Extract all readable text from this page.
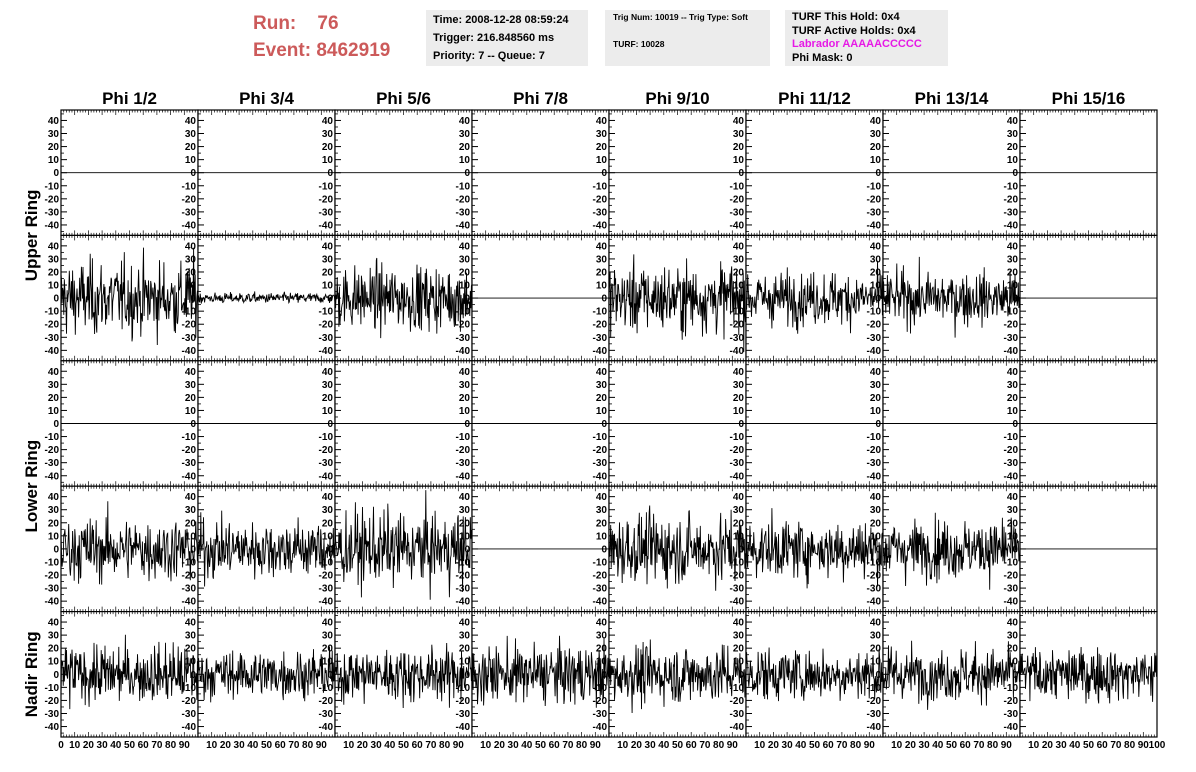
Run: 76
Event: 8462919
Time: 2008-12-28 08:59:24
Trigger: 216.848560 ms
Priority: 7 -- Queue: 7
Trig Num: 10019 -- Trig Type: Soft
TURF: 10028
TURF This Hold: 0x4
TURF Active Holds: 0x4
Labrador AAAAACCCCC
Phi Mask: 0
Phi 1/2	Phi 3/4	Phi 5/6	Phi 7/8	Phi 9/10	Phi 11/12	Phi 13/14	Phi 15/16
Upper Ring
Lower Ring
Nadir Ring
-40
-30
-20
-10
0
10
20
30
40
-40
-30
-20
-10
0
10
20
30
40
-40
-30
-20
-10
0
10
20
30
40
-40
-30
-20
-10
0
10
20
30
40
-40
-30
-20
-10
0
10
20
30
40
-40
-30
-20
-10
0
10
20
30
40
-40
-30
-20
-10
0
10
20
30
40
-40
-30
-20
-10
0
10
20
30
40
-40
-30
-20
-10
0
10
20
30
40
-40
-30
-20
-10
0
10
20
30
40
-40
-30
-20
-10
0
10
20
30
40
-40
-30
-20
-10
0
10
20
30
40
-40
-30
-20
-10
0
10
20
30
40
-40
-30
-20
-10
0
10
20
30
40
-40
-30
-20
-10
0
10
20
30
40
-40
-30
-20
-10
0
10
20
30
40
-40
-30
-20
-10
0
10
20
30
40
-40
-30
-20
-10
0
10
20
30
40
-40
-30
-20
-10
0
10
20
30
40
-40
-30
-20
-10
0
10
20
30
40
-40
-30
-20
-10
0
10
20
30
40
-40
-30
-20
-10
0
10
20
30
40
-40
-30
-20
-10
0
10
20
30
40
-40
-30
-20
-10
0
10
20
30
40
-40
-30
-20
-10
0
10
20
30
40
-40
-30
-20
-10
0
10
20
30
40
-40
-30
-20
-10
0
10
20
30
40
-40
-30
-20
-10
0
10
20
30
40
-40
-30
-20
-10
0
10
20
30
40
-40
-30
-20
-10
0
10
20
30
40
-40
-30
-20
-10
0
10
20
30
40
-40
-30
-20
-10
0
10
20
30
40
-40
-30
-20
-10
0
10
20
30
40
-40
-30
-20
-10
0
10
20
30
40
-40
-30
-20
-10
0
10
20
30
40
-40
-30
-20
-10
0
10
20
30
40
-40
-30
-20
-10
0
10
20
30
40
-40
-30
-20
-10
0
10
20
30
40
-40
-30
-20
-10
0
10
20
30
40
-40
-30
-20
-10
0
10
20
30
40
0 10 20 30 40 50 60 70 80 90 10 20 30 40 50 60 70 80 90 10 20 30 40 50 60 70 80 90 10 20 30 40 50 60 70 80 90 10 20 30 40 50 60 70 80 90 10 20 30 40 50 60 70 80 90 10 20 30 40 50 60 70 80 90 10 20 30 40 50 60 70 80 90 100
